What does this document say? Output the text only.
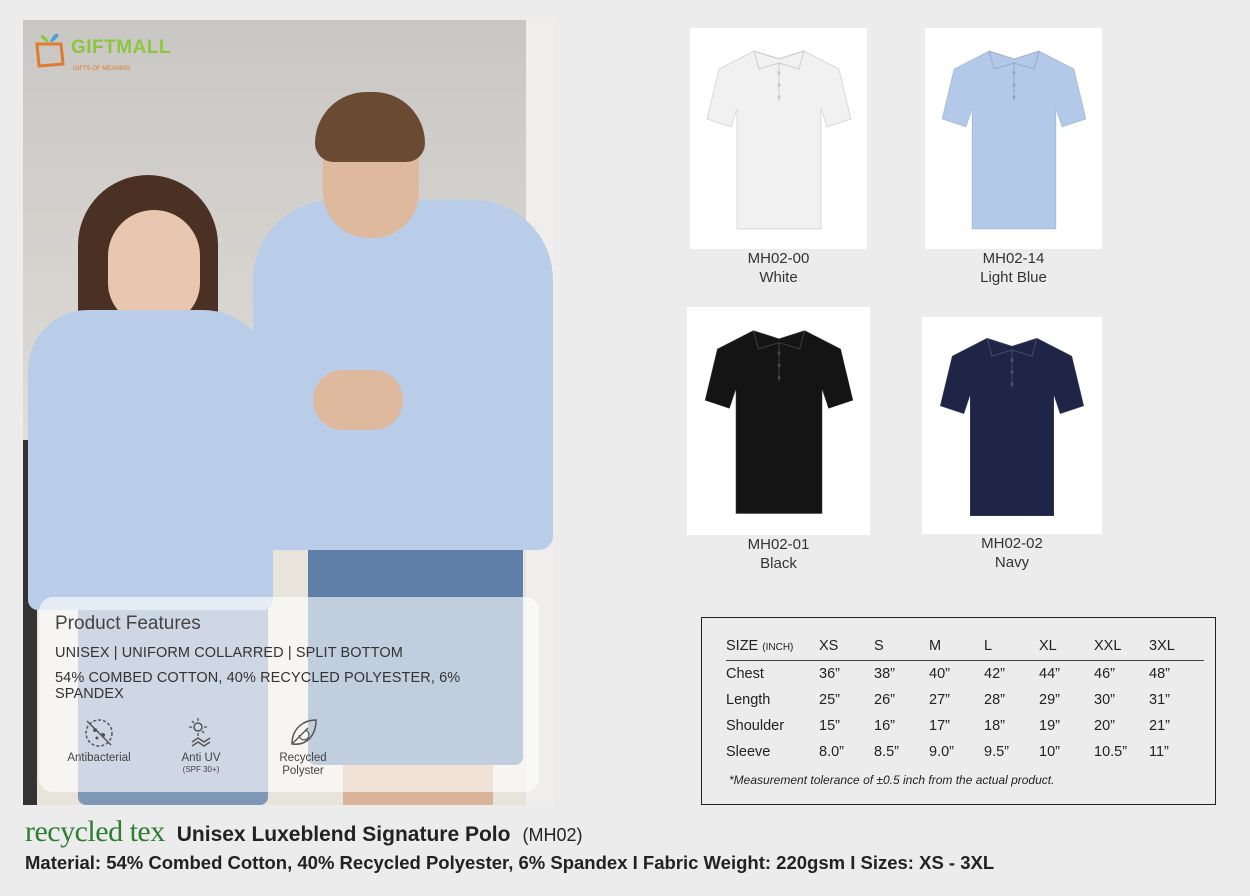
GIFTMALL
GIFTS OF MEANING
Product Features
UNISEX | UNIFORM COLLARRED | SPLIT BOTTOM
54% COMBED COTTON, 40% RECYCLED POLYESTER, 6% SPANDEX
Antibacterial	Anti UV
(SPF 30+)
Recycled
Polyster
MH02-00
White
MH02-14
Light Blue
MH02-01
Black
MH02-02
Navy
SIZE (INCH)	XS	S	M	L	XL	XXL	3XL
Chest	36”	38”	40”	42”	44”	46”	48”
Length	25”	26”	27”	28”	29”	30”	31”
Shoulder	15”	16”	17”	18”	19”	20”	21”
Sleeve	8.0”	8.5”	9.0”	9.5”	10”	10.5”	11”
*Measurement tolerance of ±0.5 inch from the actual product.
recycled tex Unisex Luxeblend Signature Polo (MH02)
Material: 54% Combed Cotton, 40% Recycled Polyester, 6% Spandex I Fabric Weight: 220gsm I Sizes: XS - 3XL
